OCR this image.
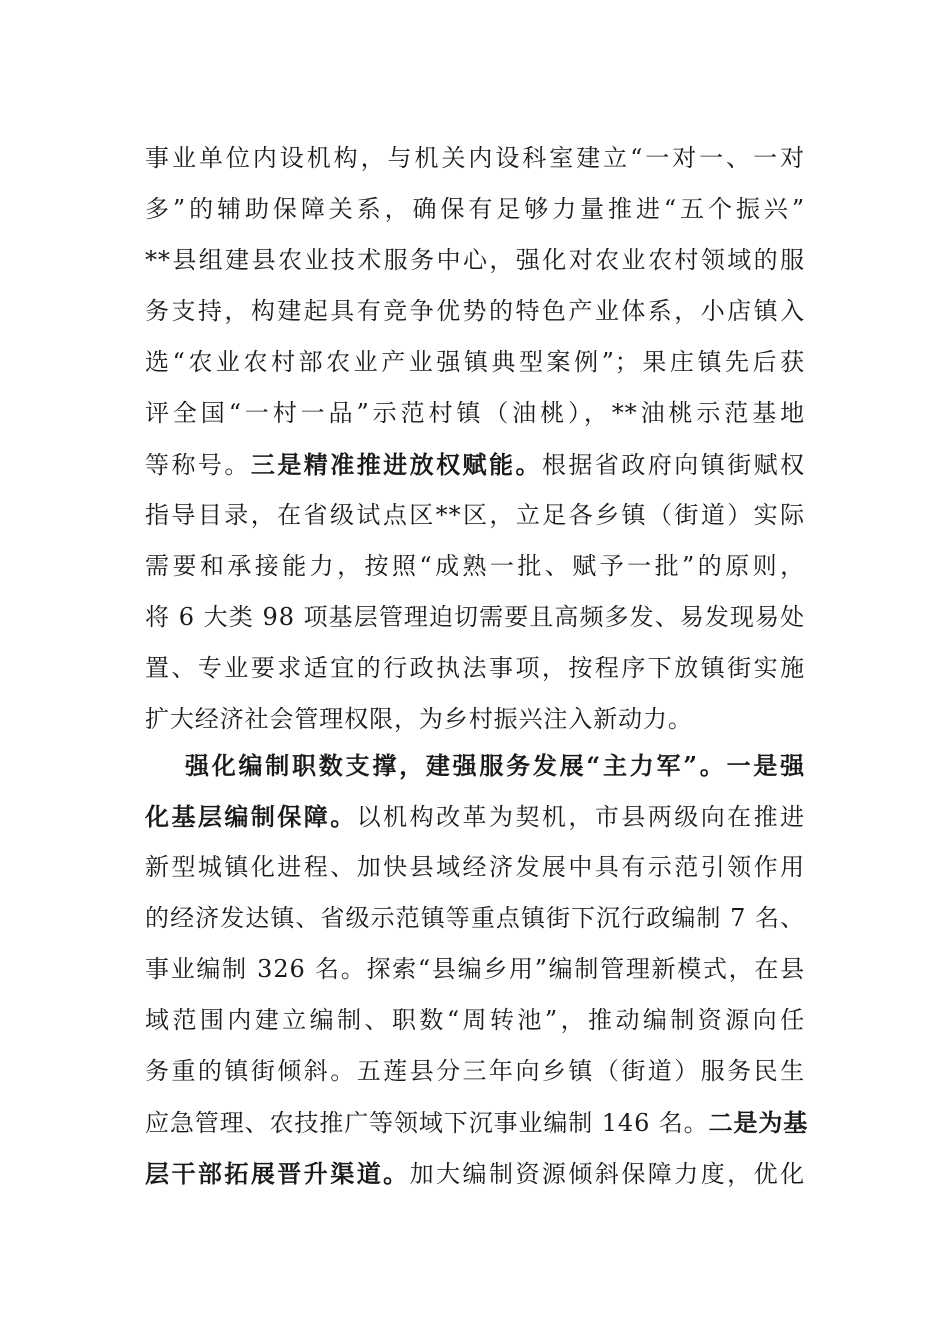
事业单位内设机构，与机关内设科室建立“一对一、一对
多”的辅助保障关系，确保有足够力量推进“五个振兴”
**县组建县农业技术服务中心，强化对农业农村领域的服
务支持，构建起具有竞争优势的特色产业体系，小店镇入
选“农业农村部农业产业强镇典型案例”；果庄镇先后获
评全国“一村一品”示范村镇（油桃），**油桃示范基地
等称号。三是精准推进放权赋能。根据省政府向镇街赋权
指导目录，在省级试点区**区，立足各乡镇（街道）实际
需要和承接能力，按照“成熟一批、赋予一批”的原则，
将 6 大类 98 项基层管理迫切需要且高频多发、易发现易处
置、专业要求适宜的行政执法事项，按程序下放镇街实施
扩大经济社会管理权限，为乡村振兴注入新动力。
强化编制职数支撑，建强服务发展“主力军”。一是强
化基层编制保障。以机构改革为契机，市县两级向在推进
新型城镇化进程、加快县域经济发展中具有示范引领作用
的经济发达镇、省级示范镇等重点镇街下沉行政编制 7 名、
事业编制 326 名。探索“县编乡用”编制管理新模式，在县
域范围内建立编制、职数“周转池”，推动编制资源向任
务重的镇街倾斜。五莲县分三年向乡镇（街道）服务民生
应急管理、农技推广等领域下沉事业编制 146 名。二是为基
层干部拓展晋升渠道。加大编制资源倾斜保障力度，优化
